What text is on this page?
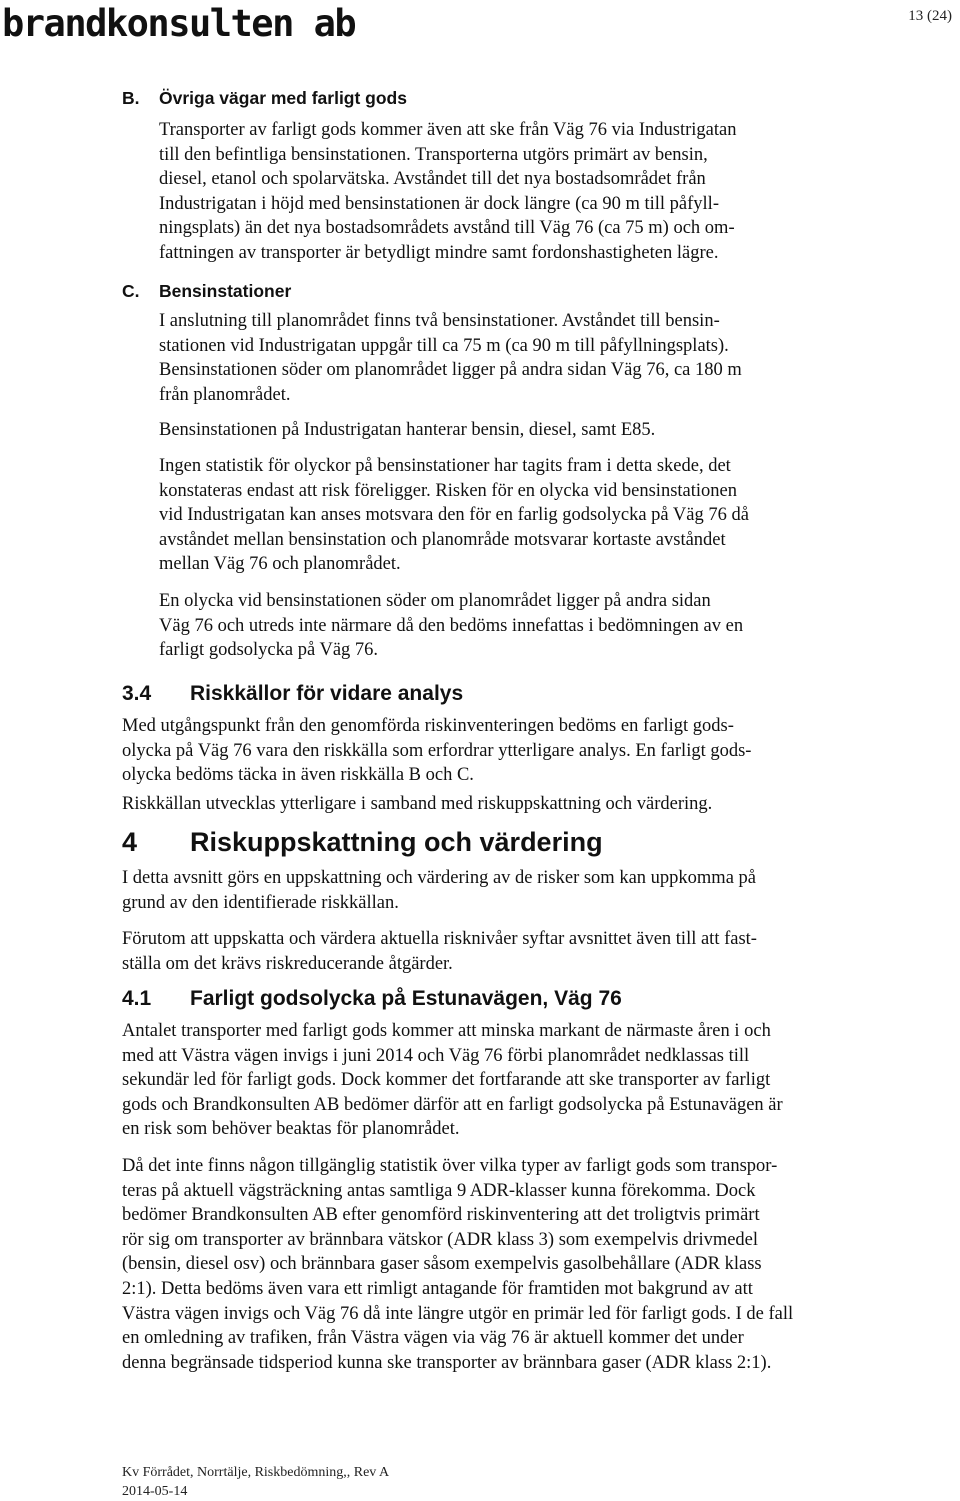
brandkonsulten ab	13 (24)
B. Övriga vägar med farligt gods
Transporter av farligt gods kommer även att ske från Väg 76 via Industrigatan
till den befintliga bensinstationen. Transporterna utgörs primärt av bensin,
diesel, etanol och spolarvätska. Avståndet till det nya bostadsområdet från
Industrigatan i höjd med bensinstationen är dock längre (ca 90 m till påfyll-
ningsplats) än det nya bostadsområdets avstånd till Väg 76 (ca 75 m) och om-
fattningen av transporter är betydligt mindre samt fordonshastigheten lägre.
C. Bensinstationer
I anslutning till planområdet finns två bensinstationer. Avståndet till bensin-
stationen vid Industrigatan uppgår till ca 75 m (ca 90 m till påfyllningsplats).
Bensinstationen söder om planområdet ligger på andra sidan Väg 76, ca 180 m
från planområdet.
Bensinstationen på Industrigatan hanterar bensin, diesel, samt E85.
Ingen statistik för olyckor på bensinstationer har tagits fram i detta skede, det
konstateras endast att risk föreligger. Risken för en olycka vid bensinstationen
vid Industrigatan kan anses motsvara den för en farlig godsolycka på Väg 76 då
avståndet mellan bensinstation och planområde motsvarar kortaste avståndet
mellan Väg 76 och planområdet.
En olycka vid bensinstationen söder om planområdet ligger på andra sidan
Väg 76 och utreds inte närmare då den bedöms innefattas i bedömningen av en
farligt godsolycka på Väg 76.
3.4 Riskkällor för vidare analys
Med utgångspunkt från den genomförda riskinventeringen bedöms en farligt gods-
olycka på Väg 76 vara den riskkälla som erfordrar ytterligare analys. En farligt gods-
olycka bedöms täcka in även riskkälla B och C.
Riskkällan utvecklas ytterligare i samband med riskuppskattning och värdering.
4 Riskuppskattning och värdering
I detta avsnitt görs en uppskattning och värdering av de risker som kan uppkomma på
grund av den identifierade riskkällan.
Förutom att uppskatta och värdera aktuella risknivåer syftar avsnittet även till att fast-
ställa om det krävs riskreducerande åtgärder.
4.1 Farligt godsolycka på Estunavägen, Väg 76
Antalet transporter med farligt gods kommer att minska markant de närmaste åren i och
med att Västra vägen invigs i juni 2014 och Väg 76 förbi planområdet nedklassas till
sekundär led för farligt gods. Dock kommer det fortfarande att ske transporter av farligt
gods och Brandkonsulten AB bedömer därför att en farligt godsolycka på Estunavägen är
en risk som behöver beaktas för planområdet.
Då det inte finns någon tillgänglig statistik över vilka typer av farligt gods som transpor-
teras på aktuell vägsträckning antas samtliga 9 ADR-klasser kunna förekomma. Dock
bedömer Brandkonsulten AB efter genomförd riskinventering att det troligtvis primärt
rör sig om transporter av brännbara vätskor (ADR klass 3) som exempelvis drivmedel
(bensin, diesel osv) och brännbara gaser såsom exempelvis gasolbehållare (ADR klass
2:1). Detta bedöms även vara ett rimligt antagande för framtiden mot bakgrund av att
Västra vägen invigs och Väg 76 då inte längre utgör en primär led för farligt gods. I de fall
en omledning av trafiken, från Västra vägen via väg 76 är aktuell kommer det under
denna begränsade tidsperiod kunna ske transporter av brännbara gaser (ADR klass 2:1).
Kv Förrådet, Norrtälje, Riskbedömning,, Rev A
2014-05-14
